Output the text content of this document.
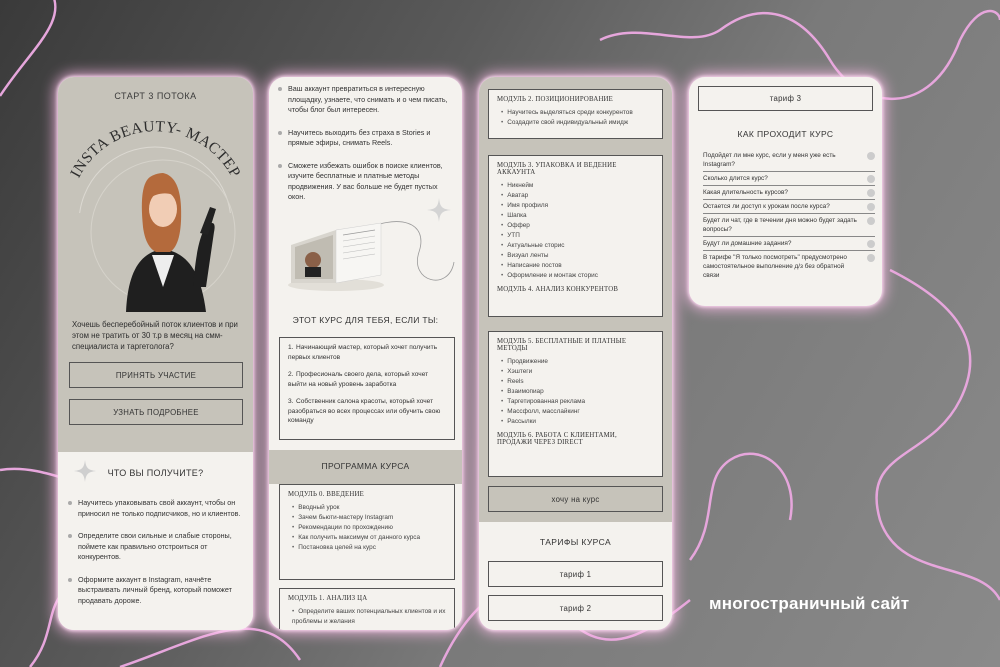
СТАРТ 3 ПОТОКА
INSTA BEAUTY- МАСТЕР
Хочешь бесперебойный поток клиентов и при этом не тратить от 30 т.р в месяц на смм-специалиста и таргетолога?
ПРИНЯТЬ УЧАСТИЕ
УЗНАТЬ ПОДРОБНЕЕ
ЧТО ВЫ ПОЛУЧИТЕ?
Научитесь упаковывать свой аккаунт, чтобы он приносил не только подписчиков, но и клиентов.
Определите свои сильные и слабые стороны, поймете как правильно отстроиться от конкурентов.
Оформите аккаунт в Instagram, начнёте выстраивать личный бренд, который поможет продавать дороже.
Ваш аккаунт превратиться в интересную площадку, узнаете, что снимать и о чем писать, чтобы блог был интересен.
Научитесь выходить без страха в Stories и прямые эфиры, снимать Reels.
Сможете избежать ошибок в поиске клиентов, изучите бесплатные и платные методы продвижения. У вас больше не будет пустых окон.
ЭТОТ КУРС ДЛЯ ТЕБЯ, ЕСЛИ ТЫ:
1. Начинающий мастер, который хочет получить первых клиентов
2. Професиональ своего дела, который хочет выйти на новый уровень заработка
3. Собственник салона красоты, который хочет разобраться во всех процессах или обучить свою команду
ПРОГРАММА КУРСА
МОДУЛЬ 0. ВВЕДЕНИЕ
• Вводный урок
• Зачем бьюти-мастеру Instagram
• Рекомендации по прохождению
• Как получить максимум от данного курса
• Постановка целей на курс
МОДУЛЬ 1. АНАЛИЗ ЦА
• Определите ваших потенциальных клиентов и их проблемы и желания
МОДУЛЬ 2. ПОЗИЦИОНИРОВАНИЕ
• Научитесь выделяться среди конкурентов
• Создадите свой индивидуальный имидж
МОДУЛЬ 3. УПАКОВКА И ВЕДЕНИЕ АККАУНТА
• Никнейм
• Аватар
• Имя профиля
• Шапка
• Оффер
• УТП
• Актуальные сторис
• Визуал ленты
• Написание постов
• Оформление и монтаж сторис
МОДУЛЬ 4. АНАЛИЗ КОНКУРЕНТОВ
МОДУЛЬ 5. БЕСПЛАТНЫЕ И ПЛАТНЫЕ МЕТОДЫ
• Продвижение
• Хэштеги
• Reels
• Взаимопиар
• Таргетированная реклама
• Массфолл, масслайкинг
• Рассылки
МОДУЛЬ 6. РАБОТА С КЛИЕНТАМИ, ПРОДАЖИ ЧЕРЕЗ DIRECT
хочу на курс
ТАРИФЫ КУРСА
тариф 1
тариф 2
тариф 3
КАК ПРОХОДИТ КУРС
Подойдет ли мне курс, если у меня уже есть Instagram?
Сколько длится курс?
Какая длительность курсов?
Остается ли доступ к урокам после курса?
Будет ли чат, где в течении дня можно будет задать вопросы?
Будут ли домашние задания?
В тарифе "Я только посмотреть" предусмотрено самостоятельное выполнение д/з без обратной связи
многостраничный сайт
